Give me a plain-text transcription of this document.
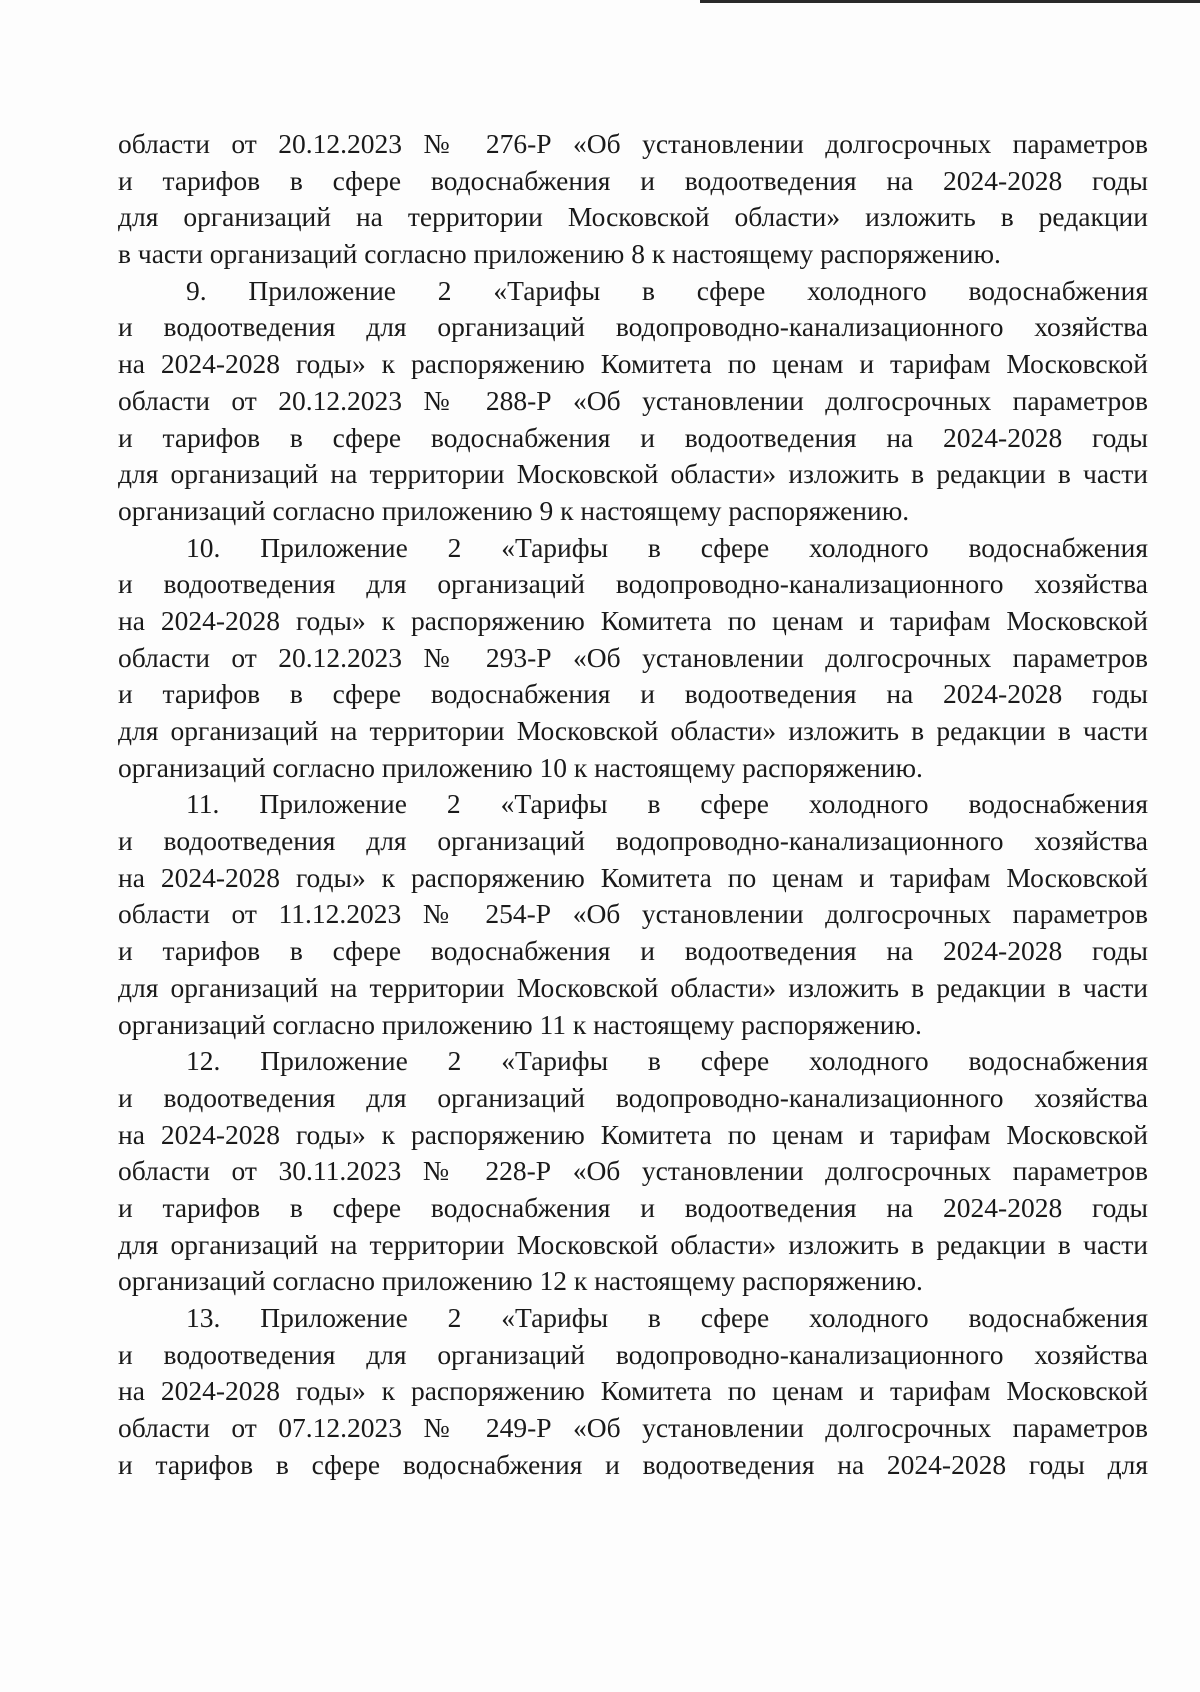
области от 20.12.2023 № 276-Р «Об установлении долгосрочных параметров
и тарифов в сфере водоснабжения и водоотведения на 2024-2028 годы
для организаций на территории Московской области» изложить в редакции
в части организаций согласно приложению 8 к настоящему распоряжению.
9. Приложение 2 «Тарифы в сфере холодного водоснабжения
и водоотведения для организаций водопроводно-канализационного хозяйства
на 2024-2028 годы» к распоряжению Комитета по ценам и тарифам Московской
области от 20.12.2023 № 288-Р «Об установлении долгосрочных параметров
и тарифов в сфере водоснабжения и водоотведения на 2024-2028 годы
для организаций на территории Московской области» изложить в редакции в части
организаций согласно приложению 9 к настоящему распоряжению.
10. Приложение 2 «Тарифы в сфере холодного водоснабжения
и водоотведения для организаций водопроводно-канализационного хозяйства
на 2024-2028 годы» к распоряжению Комитета по ценам и тарифам Московской
области от 20.12.2023 № 293-Р «Об установлении долгосрочных параметров
и тарифов в сфере водоснабжения и водоотведения на 2024-2028 годы
для организаций на территории Московской области» изложить в редакции в части
организаций согласно приложению 10 к настоящему распоряжению.
11. Приложение 2 «Тарифы в сфере холодного водоснабжения
и водоотведения для организаций водопроводно-канализационного хозяйства
на 2024-2028 годы» к распоряжению Комитета по ценам и тарифам Московской
области от 11.12.2023 № 254-Р «Об установлении долгосрочных параметров
и тарифов в сфере водоснабжения и водоотведения на 2024-2028 годы
для организаций на территории Московской области» изложить в редакции в части
организаций согласно приложению 11 к настоящему распоряжению.
12. Приложение 2 «Тарифы в сфере холодного водоснабжения
и водоотведения для организаций водопроводно-канализационного хозяйства
на 2024-2028 годы» к распоряжению Комитета по ценам и тарифам Московской
области от 30.11.2023 № 228-Р «Об установлении долгосрочных параметров
и тарифов в сфере водоснабжения и водоотведения на 2024-2028 годы
для организаций на территории Московской области» изложить в редакции в части
организаций согласно приложению 12 к настоящему распоряжению.
13. Приложение 2 «Тарифы в сфере холодного водоснабжения
и водоотведения для организаций водопроводно-канализационного хозяйства
на 2024-2028 годы» к распоряжению Комитета по ценам и тарифам Московской
области от 07.12.2023 № 249-Р «Об установлении долгосрочных параметров
и тарифов в сфере водоснабжения и водоотведения на 2024-2028 годы для
